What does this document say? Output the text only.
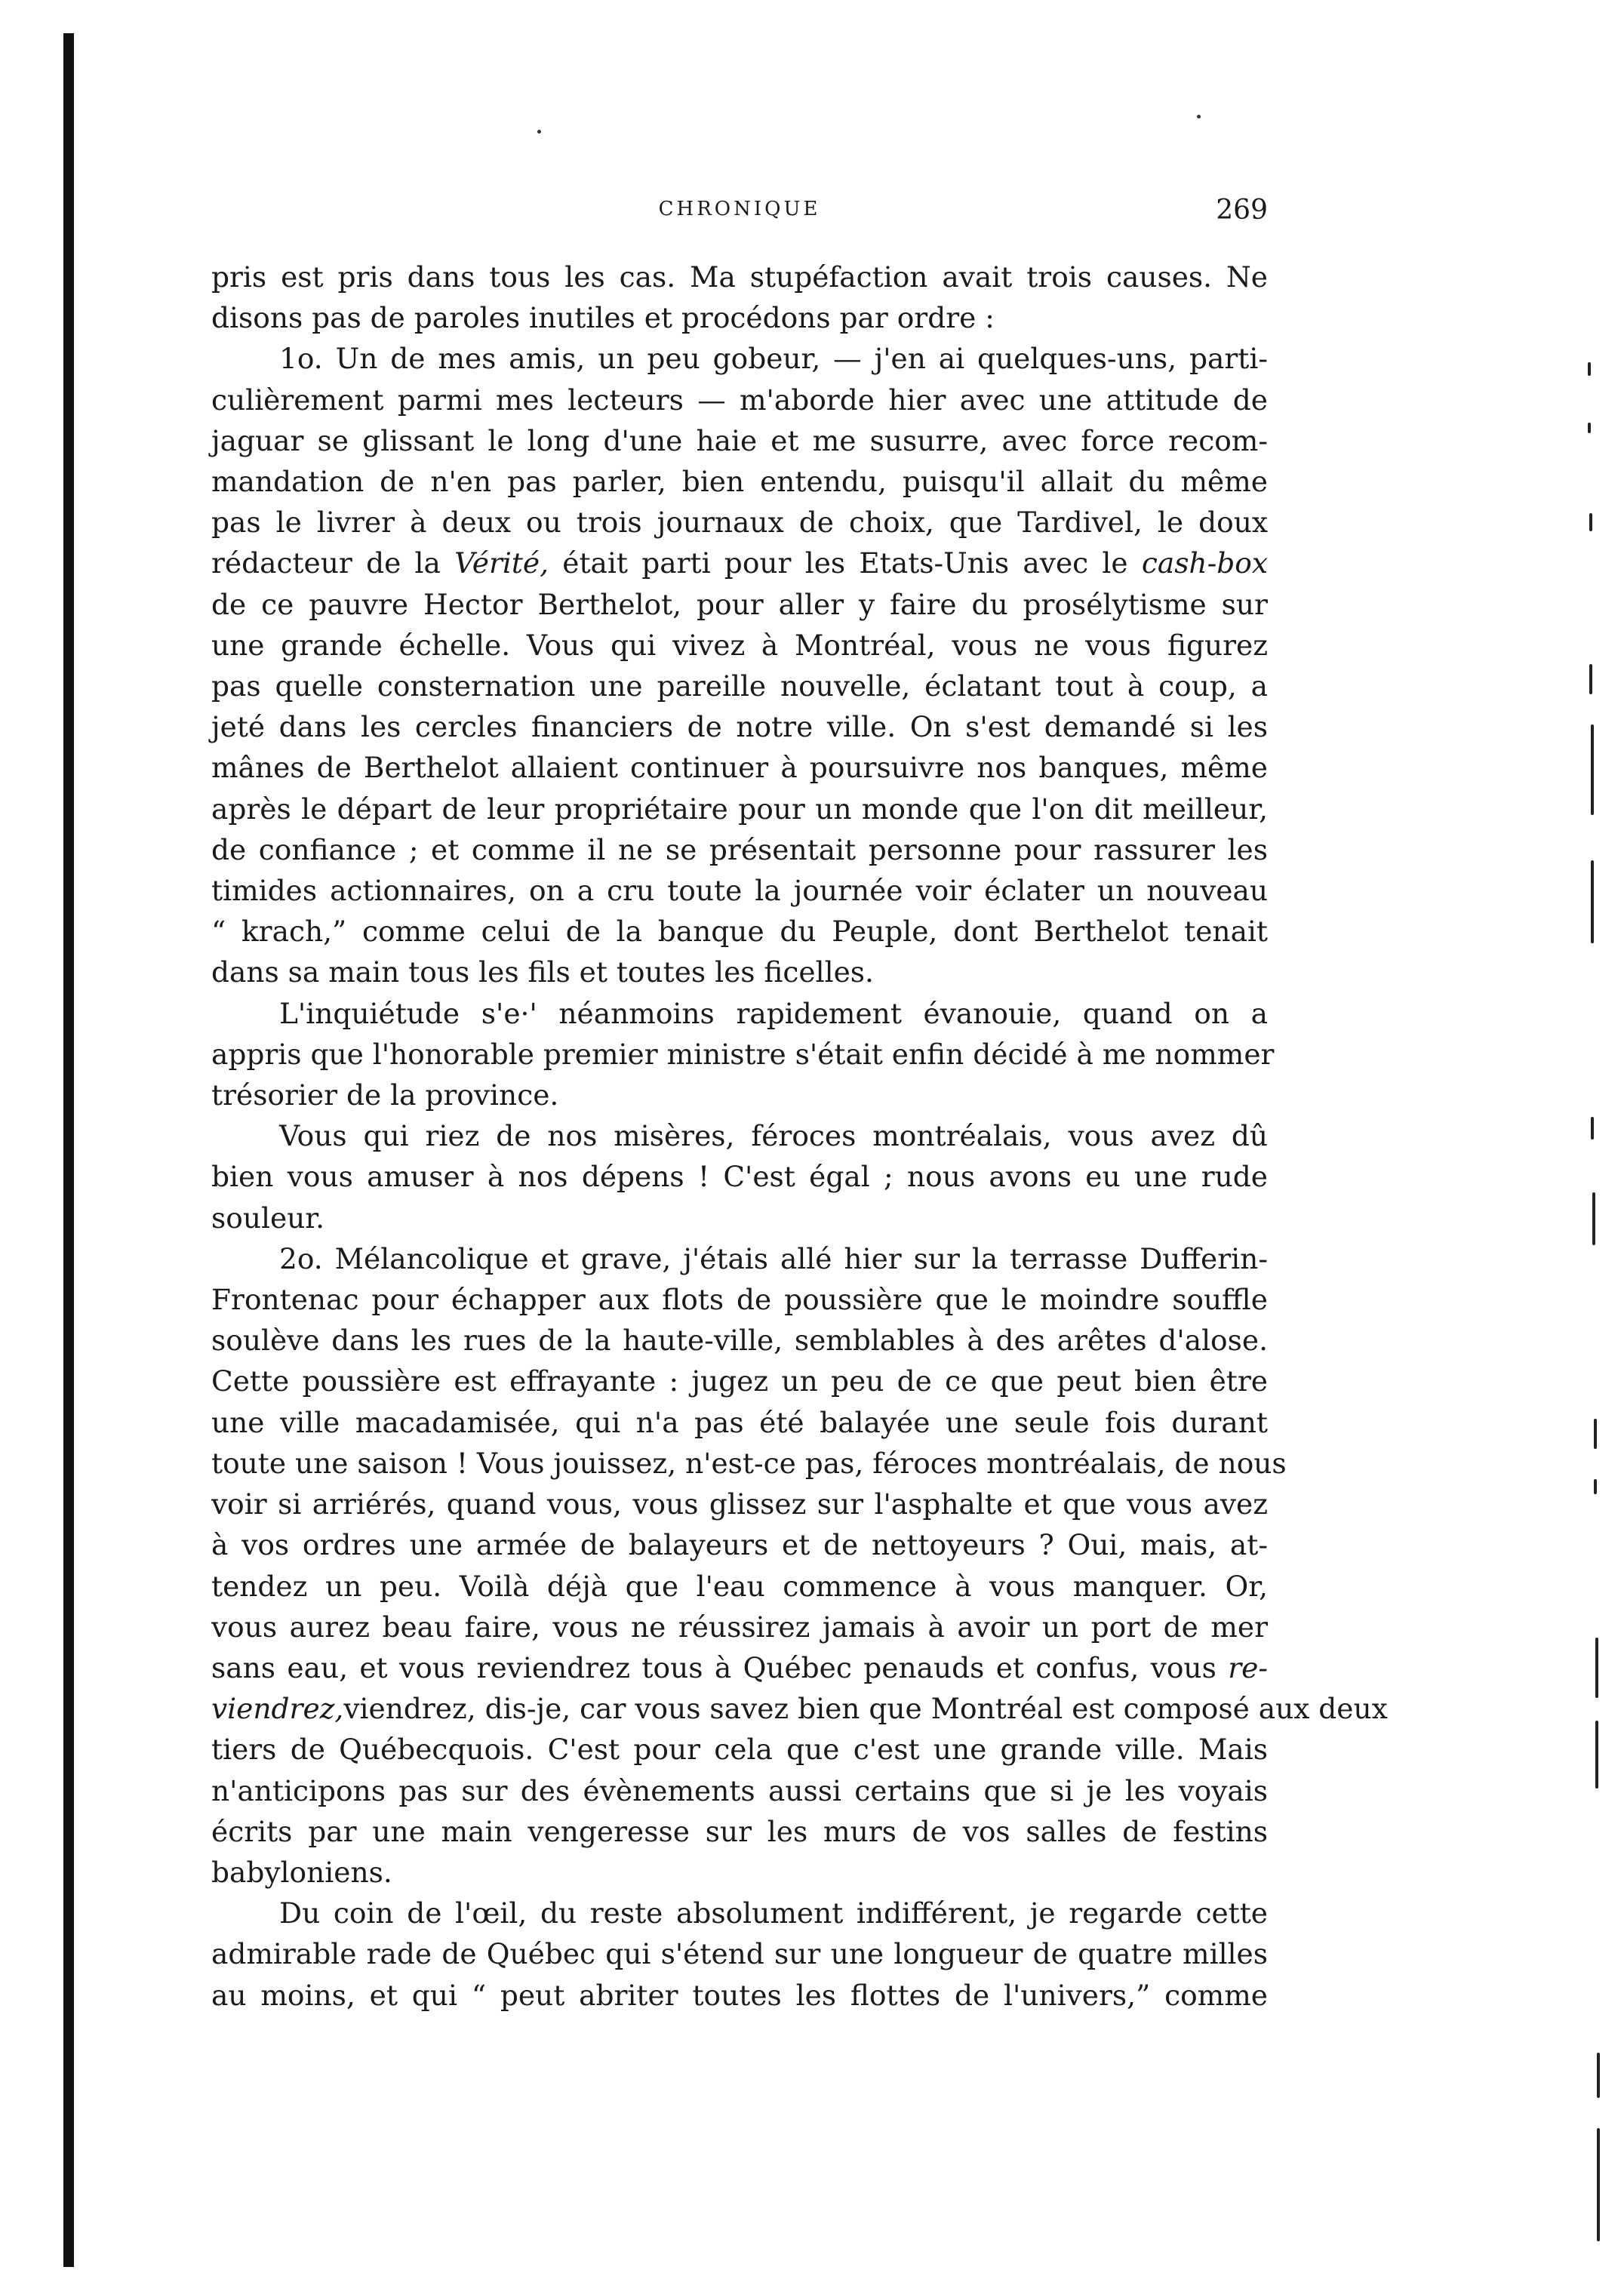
CHRONIQUE	269
pris est pris dans tous les cas. Ma stupéfaction avait trois causes. Ne
disons pas de paroles inutiles et procédons par ordre :
1o. Un de mes amis, un peu gobeur, — j'en ai quelques-uns, parti-
culièrement parmi mes lecteurs — m'aborde hier avec une attitude de
jaguar se glissant le long d'une haie et me susurre, avec force recom-
mandation de n'en pas parler, bien entendu, puisqu'il allait du même
pas le livrer à deux ou trois journaux de choix, que Tardivel, le doux
rédacteur de la Vérité, était parti pour les Etats-Unis avec le cash-box
de ce pauvre Hector Berthelot, pour aller y faire du prosélytisme sur
une grande échelle. Vous qui vivez à Montréal, vous ne vous figurez
pas quelle consternation une pareille nouvelle, éclatant tout à coup, a
jeté dans les cercles financiers de notre ville. On s'est demandé si les
mânes de Berthelot allaient continuer à poursuivre nos banques, même
après le départ de leur propriétaire pour un monde que l'on dit meilleur,
de confiance ; et comme il ne se présentait personne pour rassurer les
timides actionnaires, on a cru toute la journée voir éclater un nouveau
“ krach,” comme celui de la banque du Peuple, dont Berthelot tenait
dans sa main tous les fils et toutes les ficelles.
L'inquiétude s'e·' néanmoins rapidement évanouie, quand on a
appris que l'honorable premier ministre s'était enfin décidé à me nommer
trésorier de la province.
Vous qui riez de nos misères, féroces montréalais, vous avez dû
bien vous amuser à nos dépens ! C'est égal ; nous avons eu une rude
souleur.
2o. Mélancolique et grave, j'étais allé hier sur la terrasse Dufferin-
Frontenac pour échapper aux flots de poussière que le moindre souffle
soulève dans les rues de la haute-ville, semblables à des arêtes d'alose.
Cette poussière est effrayante : jugez un peu de ce que peut bien être
une ville macadamisée, qui n'a pas été balayée une seule fois durant
toute une saison ! Vous jouissez, n'est-ce pas, féroces montréalais, de nous
voir si arriérés, quand vous, vous glissez sur l'asphalte et que vous avez
à vos ordres une armée de balayeurs et de nettoyeurs ? Oui, mais, at-
tendez un peu. Voilà déjà que l'eau commence à vous manquer. Or,
vous aurez beau faire, vous ne réussirez jamais à avoir un port de mer
sans eau, et vous reviendrez tous à Québec penauds et confus, vous re-
viendrez,viendrez, dis-je, car vous savez bien que Montréal est composé aux deux
tiers de Québecquois. C'est pour cela que c'est une grande ville. Mais
n'anticipons pas sur des évènements aussi certains que si je les voyais
écrits par une main vengeresse sur les murs de vos salles de festins
babyloniens.
Du coin de l'œil, du reste absolument indifférent, je regarde cette
admirable rade de Québec qui s'étend sur une longueur de quatre milles
au moins, et qui “ peut abriter toutes les flottes de l'univers,” comme
